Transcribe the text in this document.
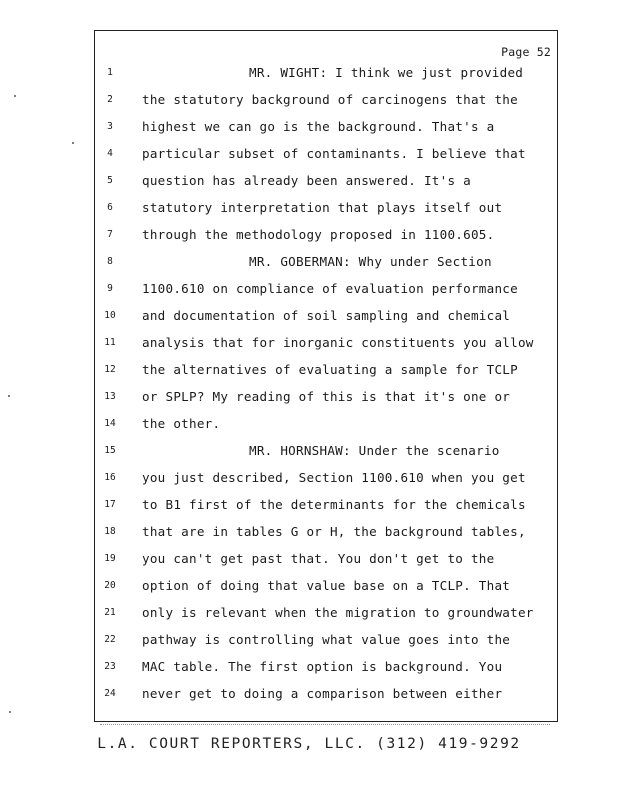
Page 52
1	MR. WIGHT: I think we just provided
2	the statutory background of carcinogens that the
3	highest we can go is the background. That's a
4	particular subset of contaminants. I believe that
5	question has already been answered. It's a
6	statutory interpretation that plays itself out
7	through the methodology proposed in 1100.605.
8	MR. GOBERMAN: Why under Section
9	1100.610 on compliance of evaluation performance
10 and documentation of soil sampling and chemical
11 analysis that for inorganic constituents you allow
12 the alternatives of evaluating a sample for TCLP
13 or SPLP? My reading of this is that it's one or
14 the other.
15	MR. HORNSHAW: Under the scenario
16 you just described, Section 1100.610 when you get
17 to B1 first of the determinants for the chemicals
18 that are in tables G or H, the background tables,
19 you can't get past that. You don't get to the
20 option of doing that value base on a TCLP. That
21 only is relevant when the migration to groundwater
22 pathway is controlling what value goes into the
23 MAC table. The first option is background. You
24 never get to doing a comparison between either
L.A. COURT REPORTERS, LLC. (312) 419-9292
